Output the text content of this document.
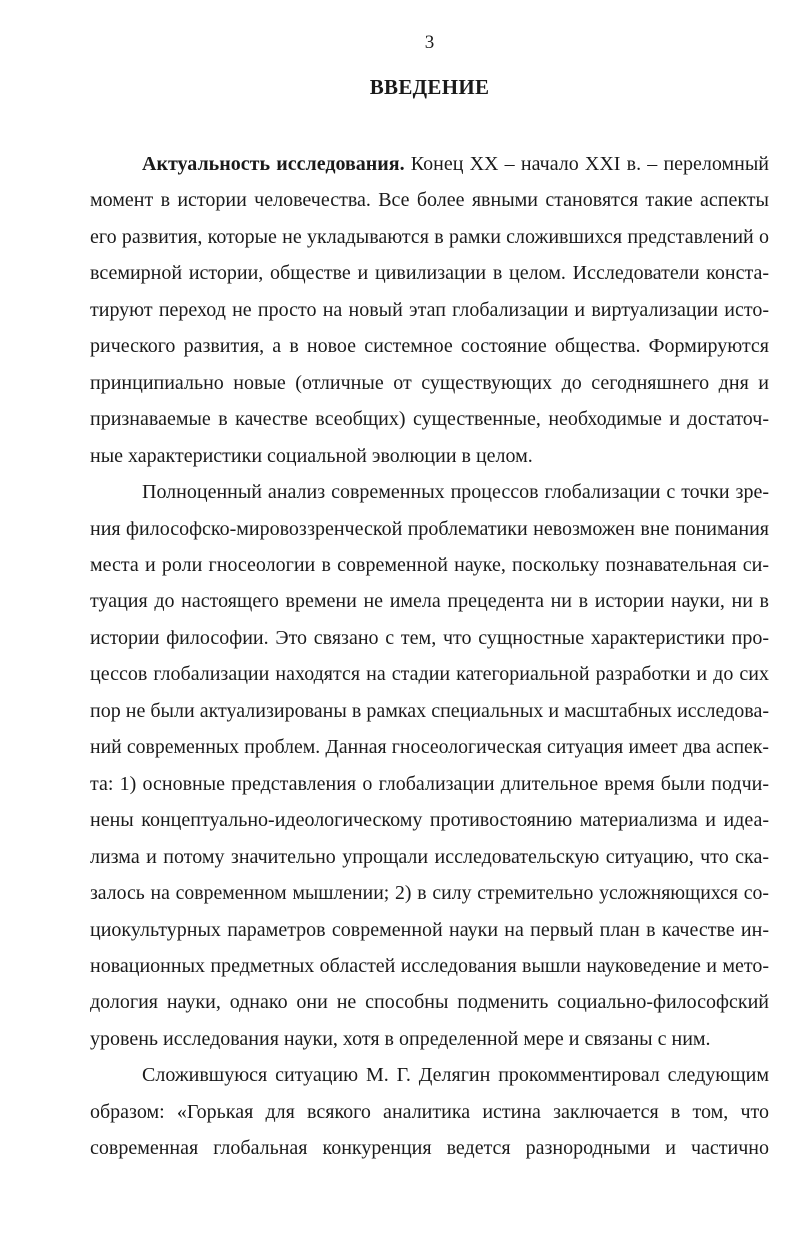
3
ВВЕДЕНИЕ
Актуальность исследования. Конец XX – начало XXI в. – переломный
момент в истории человечества. Все более явными становятся такие аспекты
его развития, которые не укладываются в рамки сложившихся представлений о
всемирной истории, обществе и цивилизации в целом. Исследователи конста-
тируют переход не просто на новый этап глобализации и виртуализации исто-
рического развития, а в новое системное состояние общества. Формируются
принципиально новые (отличные от существующих до сегодняшнего дня и
признаваемые в качестве всеобщих) существенные, необходимые и достаточ-
ные характеристики социальной эволюции в целом.
Полноценный анализ современных процессов глобализации с точки зре-
ния философско-мировоззренческой проблематики невозможен вне понимания
места и роли гносеологии в современной науке, поскольку познавательная си-
туация до настоящего времени не имела прецедента ни в истории науки, ни в
истории философии. Это связано с тем, что сущностные характеристики про-
цессов глобализации находятся на стадии категориальной разработки и до сих
пор не были актуализированы в рамках специальных и масштабных исследова-
ний современных проблем. Данная гносеологическая ситуация имеет два аспек-
та: 1) основные представления о глобализации длительное время были подчи-
нены концептуально-идеологическому противостоянию материализма и идеа-
лизма и потому значительно упрощали исследовательскую ситуацию, что ска-
залось на современном мышлении; 2) в силу стремительно усложняющихся со-
циокультурных параметров современной науки на первый план в качестве ин-
новационных предметных областей исследования вышли науковедение и мето-
дология науки, однако они не способны подменить социально-философский
уровень исследования науки, хотя в определенной мере и связаны с ним.
Сложившуюся ситуацию М. Г. Делягин прокомментировал следующим
образом: «Горькая для всякого аналитика истина заключается в том, что
современная глобальная конкуренция ведется разнородными и частично
